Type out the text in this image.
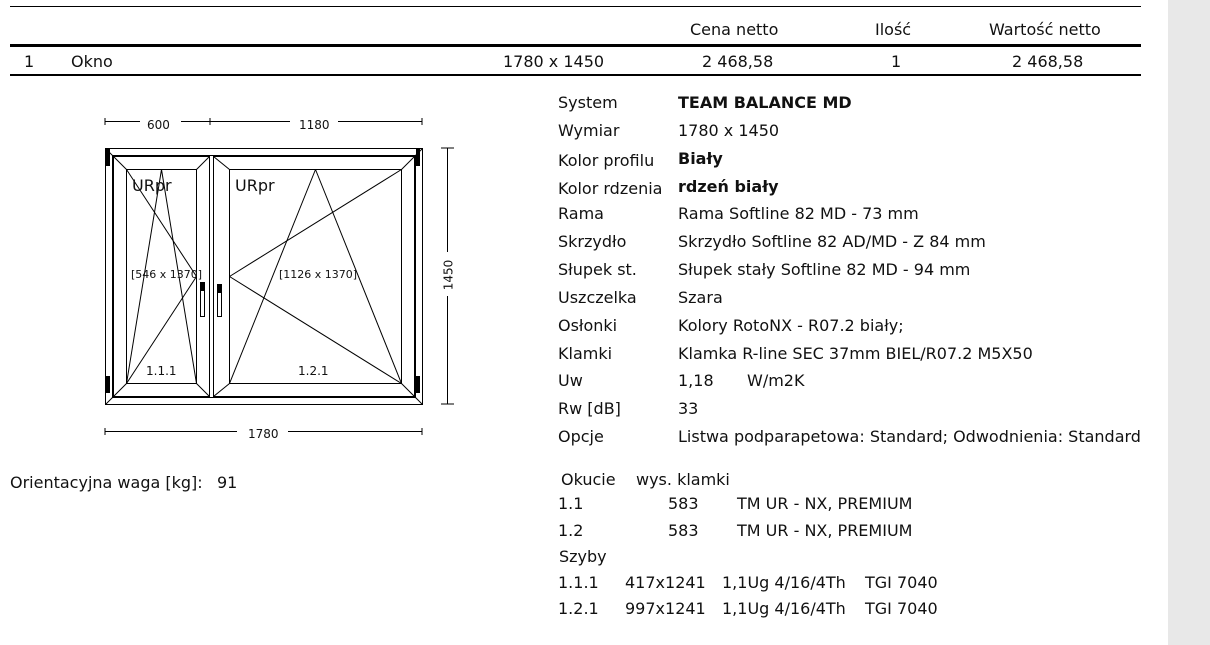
Cena netto	Ilość	Wartość netto
1 Okno	1780 x 1450	2 468,58	1	2 468,58
600	1180
1780
1450
URpr	URpr
[546 x 1370]	[1126 x 1370]
1.1.1	1.2.1
Orientacyjna waga [kg]: 91
System	TEAM BALANCE MD
Wymiar	1780 x 1450
Kolor profilu Biały
Kolor rdzenia rdzeń biały
Rama	Rama Softline 82 MD - 73 mm
Skrzydło	Skrzydło Softline 82 AD/MD - Z 84 mm
Słupek st.	Słupek stały Softline 82 MD - 94 mm
Uszczelka	Szara
Osłonki	Kolory RotoNX - R07.2 biały;
Klamki	Klamka R-line SEC 37mm BIEL/R07.2 M5X50
Uw	1,18 W/m2K
Rw [dB]	33
Opcje	Listwa podparapetowa: Standard; Odwodnienia: Standard
Okucie wys. klamki
1.1	583 TM UR - NX, PREMIUM
1.2	583 TM UR - NX, PREMIUM
Szyby
1.1.1 417x1241 1,1Ug 4/16/4Th TGI 7040
1.2.1 997x1241 1,1Ug 4/16/4Th TGI 7040
